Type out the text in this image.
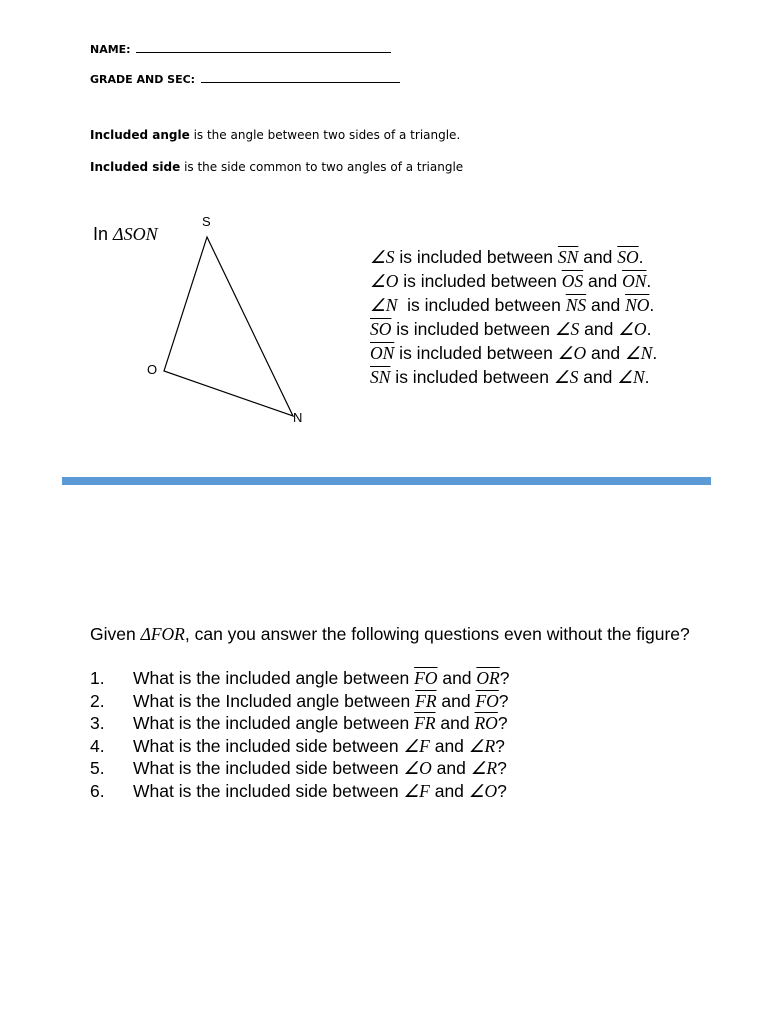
NAME:
GRADE AND SEC:
Included angle is the angle between two sides of a triangle.
Included side is the side common to two angles of a triangle
In ΔSON
S
O
N
∠S is included between $\overline{SN}$ and $\overline{SO}$.
∠O is included between $\overline{OS}$ and $\overline{ON}$.
∠N  is included between $\overline{NS}$ and $\overline{NO}$.
$\overline{SO}$ is included between ∠S and ∠O.
$\overline{ON}$ is included between ∠O and ∠N.
$\overline{SN}$ is included between ∠S and ∠N.
Given ΔFOR, can you answer the following questions even without the figure?
1.	What is the included angle between $\overline{FO}$ and $\overline{OR}$?
2.	What is the Included angle between $\overline{FR}$ and $\overline{FO}$?
3.	What is the included angle between $\overline{FR}$ and $\overline{RO}$?
4.	What is the included side between ∠F and ∠R?
5.	What is the included side between ∠O and ∠R?
6.	What is the included side between ∠F and ∠O?
